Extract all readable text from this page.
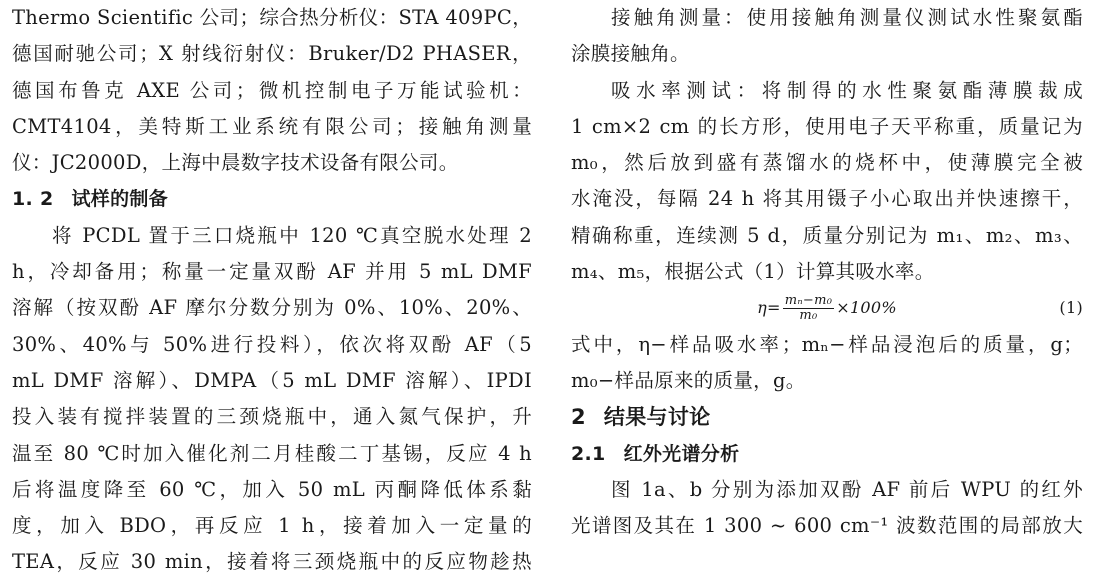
Thermo Scientific 公司；综合热分析仪：STA 409PC，
德国耐驰公司；X 射线衍射仪：Bruker/D2 PHASER，
德国布鲁克 AXE 公司；微机控制电子万能试验机：
CMT4104，美特斯工业系统有限公司；接触角测量
仪：JC2000D，上海中晨数字技术设备有限公司。
1. 2 试样的制备
将 PCDL 置于三口烧瓶中 120 ℃真空脱水处理 2
h，冷却备用；称量一定量双酚 AF 并用 5 mL DMF
溶解（按双酚 AF 摩尔分数分别为 0%、10%、20%、
30%、40%与 50%进行投料），依次将双酚 AF（5
mL DMF 溶解）、DMPA（5 mL DMF 溶解）、IPDI
投入装有搅拌装置的三颈烧瓶中，通入氮气保护，升
温至 80 ℃时加入催化剂二月桂酸二丁基锡，反应 4 h
后将温度降至 60 ℃，加入 50 mL 丙酮降低体系黏
度，加入 BDO，再反应 1 h，接着加入一定量的
TEA，反应 30 min，接着将三颈烧瓶中的反应物趁热
接触角测量：使用接触角测量仪测试水性聚氨酯
涂膜接触角。
吸水率测试：将制得的水性聚氨酯薄膜裁成
1 cm×2 cm 的长方形，使用电子天平称重，质量记为
m₀，然后放到盛有蒸馏水的烧杯中，使薄膜完全被
水淹没，每隔 24 h 将其用镊子小心取出并快速擦干，
精确称重，连续测 5 d，质量分别记为 m₁、m₂、m₃、
m₄、m₅，根据公式（1）计算其吸水率。
$\eta= \frac{\text{mₙ−m₀}}{\text{m₀}} \times 100\%$	(1)
式中，η−样品吸水率；mₙ−样品浸泡后的质量，g；
m₀−样品原来的质量，g。
2 结果与讨论
2.1 红外光谱分析
图 1a、b 分别为添加双酚 AF 前后 WPU 的红外
光谱图及其在 1 300 ~ 600 cm⁻¹ 波数范围的局部放大
